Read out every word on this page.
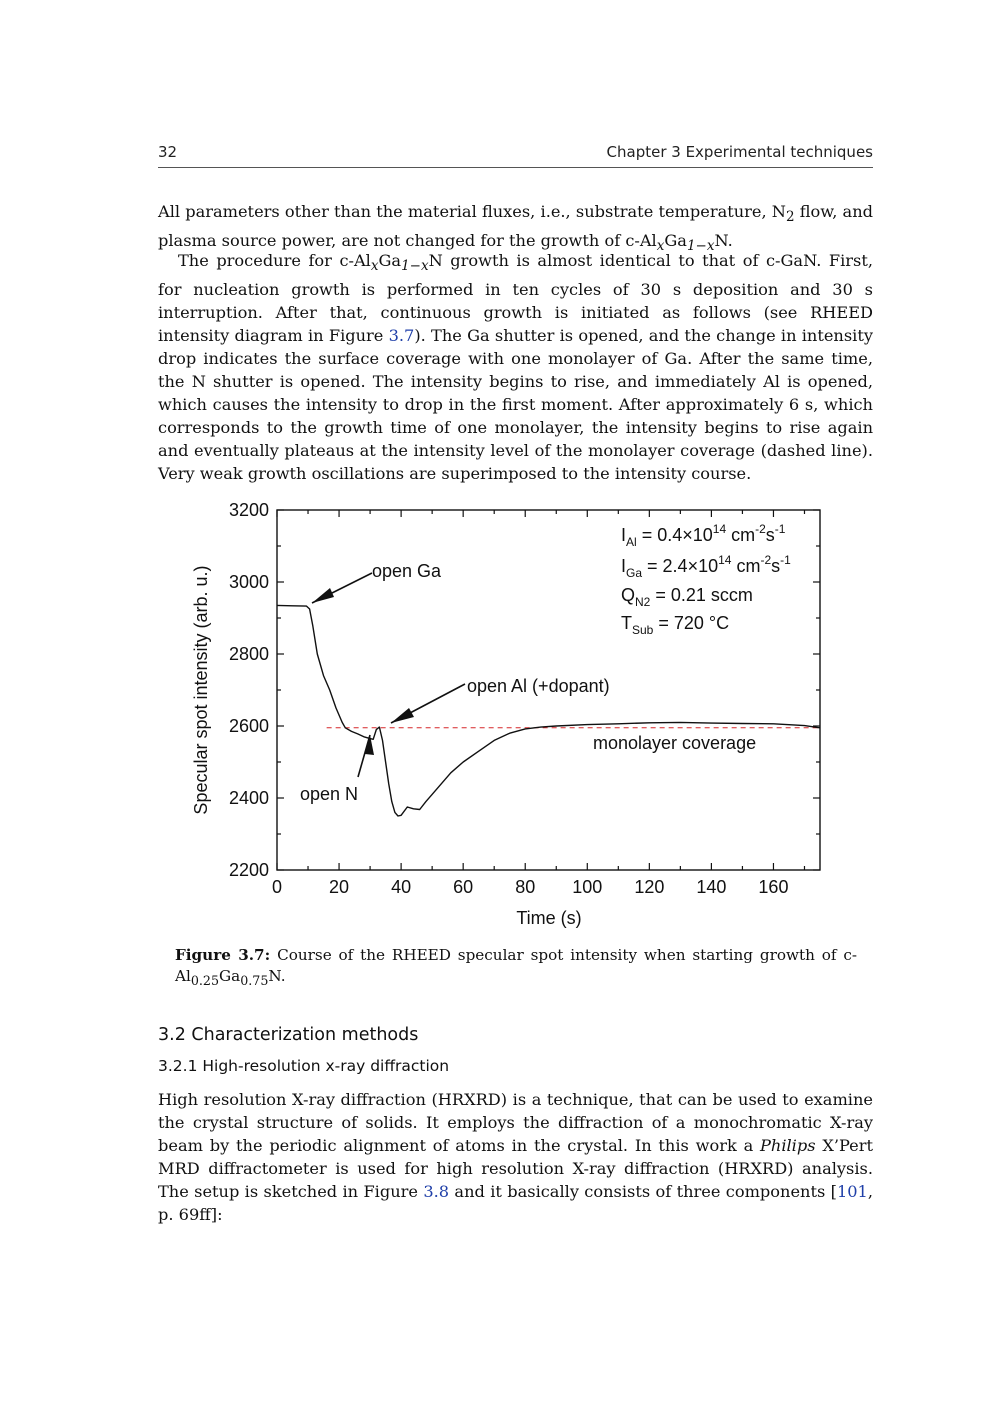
32	Chapter 3 Experimental techniques

All parameters other than the material fluxes, i.e., substrate temperature, $N_2$ flow, and plasma source power, are not changed for the growth of $c-Al_xGa_{1-x}N$.

The procedure for $c-Al_xGa_{1-x}N$ growth is almost identical to that of c-GaN. First, for nucleation growth is performed in ten cycles of 30 s deposition and 30 s interruption. After that, continuous growth is initiated as follows (see RHEED intensity diagram in Figure 3.7). The Ga shutter is opened, and the change in intensity drop indicates the surface coverage with one monolayer of Ga. After the same time, the N shutter is opened. The intensity begins to rise, and immediately Al is opened, which causes the intensity to drop in the first moment. After approximately 6 s, which corresponds to the growth time of one monolayer, the intensity begins to rise again and eventually plateaus at the intensity level of the monolayer coverage (dashed line). Very weak growth oscillations are superimposed to the intensity course.

0	20 40 60 80 100 120 140 160
2200
2400
2600
2800
3000
3200
open Ga
open Al (+dopant)
open N
monolayer coverage
$I_{Al} = 0.4\times 10^{14}$ $cm^{-2}s^{-1}$
$I_{Ga} = 2.4\times 10^{14}$ $cm^{-2}s^{-1}$
$Q_{N2} = 0.21$ sccm
$T_{Sub} = 720$ °C
Time (s)
Specular spot intensity (arb. u.)

Figure 3.7: Course of the RHEED specular spot intensity when starting growth of $c-Al_{0.25}Ga_{0.75}N$.

3.2 Characterization methods
3.2.1 High-resolution x-ray diffraction

High resolution X-ray diffraction (HRXRD) is a technique, that can be used to examine the crystal structure of solids. It employs the diffraction of a monochromatic X-ray beam by the periodic alignment of atoms in the crystal. In this work a Philips X’Pert MRD diffractometer is used for high resolution X-ray diffraction (HRXRD) analysis. The setup is sketched in Figure 3.8 and it basically consists of three components [101, p. 69ff]:
